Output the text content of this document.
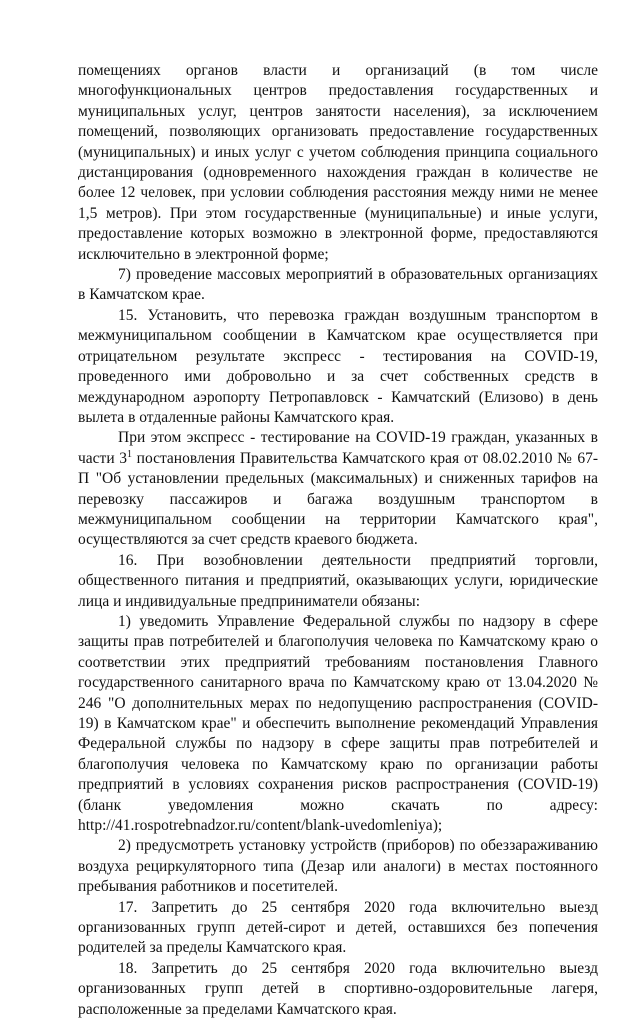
помещениях органов власти и организаций (в том числе многофункциональных центров предоставления государственных и муниципальных услуг, центров занятости населения), за исключением помещений, позволяющих организовать предоставление государственных (муниципальных) и иных услуг с учетом соблюдения принципа социального дистанцирования (одновременного нахождения граждан в количестве не более 12 человек, при условии соблюдения расстояния между ними не менее 1,5 метров). При этом государственные (муниципальные) и иные услуги, предоставление которых возможно в электронной форме, предоставляются исключительно в электронной форме;

7) проведение массовых мероприятий в образовательных организациях в Камчатском крае.

15. Установить, что перевозка граждан воздушным транспортом в межмуниципальном сообщении в Камчатском крае осуществляется при отрицательном результате экспресс - тестирования на COVID-19, проведенного ими добровольно и за счет собственных средств в международном аэропорту Петропавловск - Камчатский (Елизово) в день вылета в отдаленные районы Камчатского края.

При этом экспресс - тестирование на COVID-19 граждан, указанных в части $3^1$ постановления Правительства Камчатского края от 08.02.2010 № 67-П "Об установлении предельных (максимальных) и сниженных тарифов на перевозку пассажиров и багажа воздушным транспортом в межмуниципальном сообщении на территории Камчатского края", осуществляются за счет средств краевого бюджета.

16. При возобновлении деятельности предприятий торговли, общественного питания и предприятий, оказывающих услуги, юридические лица и индивидуальные предприниматели обязаны:

1) уведомить Управление Федеральной службы по надзору в сфере защиты прав потребителей и благополучия человека по Камчатскому краю о соответствии этих предприятий требованиям постановления Главного государственного санитарного врача по Камчатскому краю от 13.04.2020 № 246 "О дополнительных мерах по недопущению распространения (COVID-19) в Камчатском крае" и обеспечить выполнение рекомендаций Управления Федеральной службы по надзору в сфере защиты прав потребителей и благополучия человека по Камчатскому краю по организации работы предприятий в условиях сохранения рисков распространения (COVID-19) (бланк уведомления можно скачать по адресу: http://41.rospotrebnadzor.ru/content/blank-uvedomleniya);

2) предусмотреть установку устройств (приборов) по обеззараживанию воздуха рециркуляторного типа (Дезар или аналоги) в местах постоянного пребывания работников и посетителей.

17. Запретить до 25 сентября 2020 года включительно выезд организованных групп детей-сирот и детей, оставшихся без попечения родителей за пределы Камчатского края.

18. Запретить до 25 сентября 2020 года включительно выезд организованных групп детей в спортивно-оздоровительные лагеря, расположенные за пределами Камчатского края.
